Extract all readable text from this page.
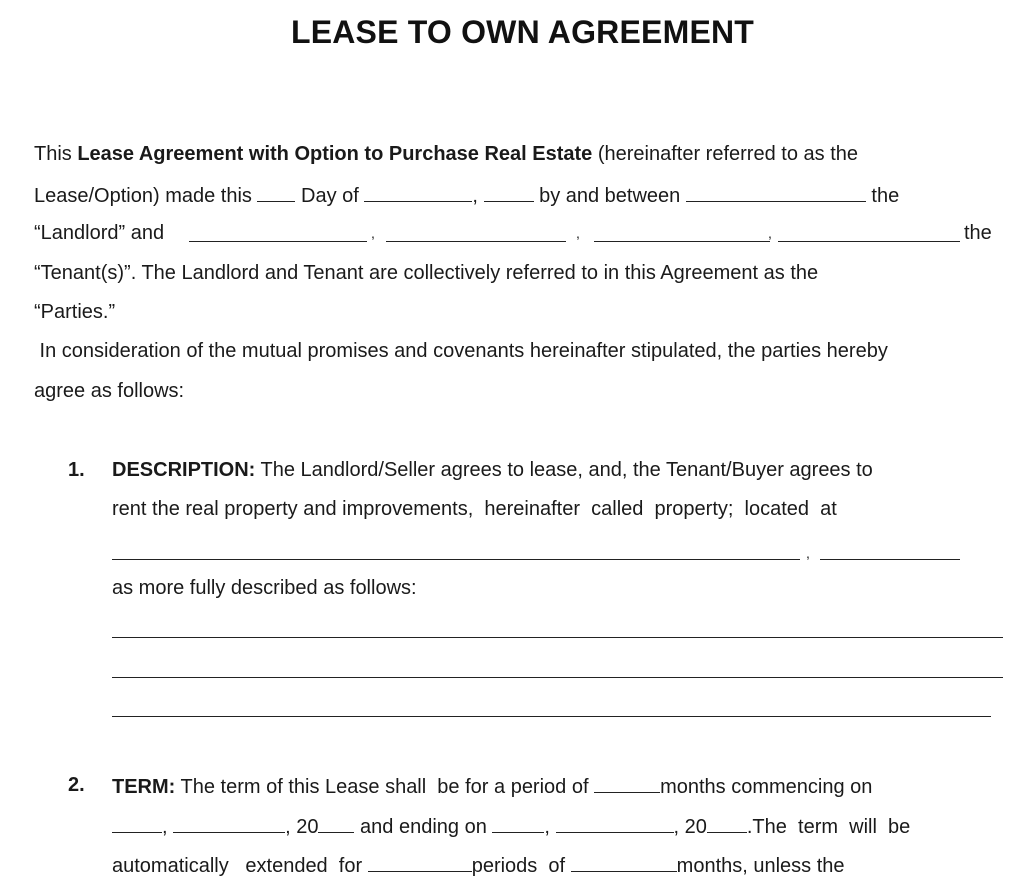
LEASE TO OWN AGREEMENT
This Lease Agreement with Option to Purchase Real Estate (hereinafter referred to as the
Lease/Option) made this  Day of	,	by and between	the
“Landlord” and	,	,	,	the
“Tenant(s)”. The Landlord and Tenant are collectively referred to in this Agreement as the
“Parties.”
In consideration of the mutual promises and covenants hereinafter stipulated, the parties hereby
agree as follows:
1. DESCRIPTION: The Landlord/Seller agrees to lease, and, the Tenant/Buyer agrees to
rent the real property and improvements,  hereinafter  called  property;  located  at
,
as more fully described as follows:
2. TERM: The term of this Lease shall  be for a period of	months commencing on
,	, 20 and ending on	,	, 20 .The  term  will  be
automatically   extended  for	periods  of	months, unless the
